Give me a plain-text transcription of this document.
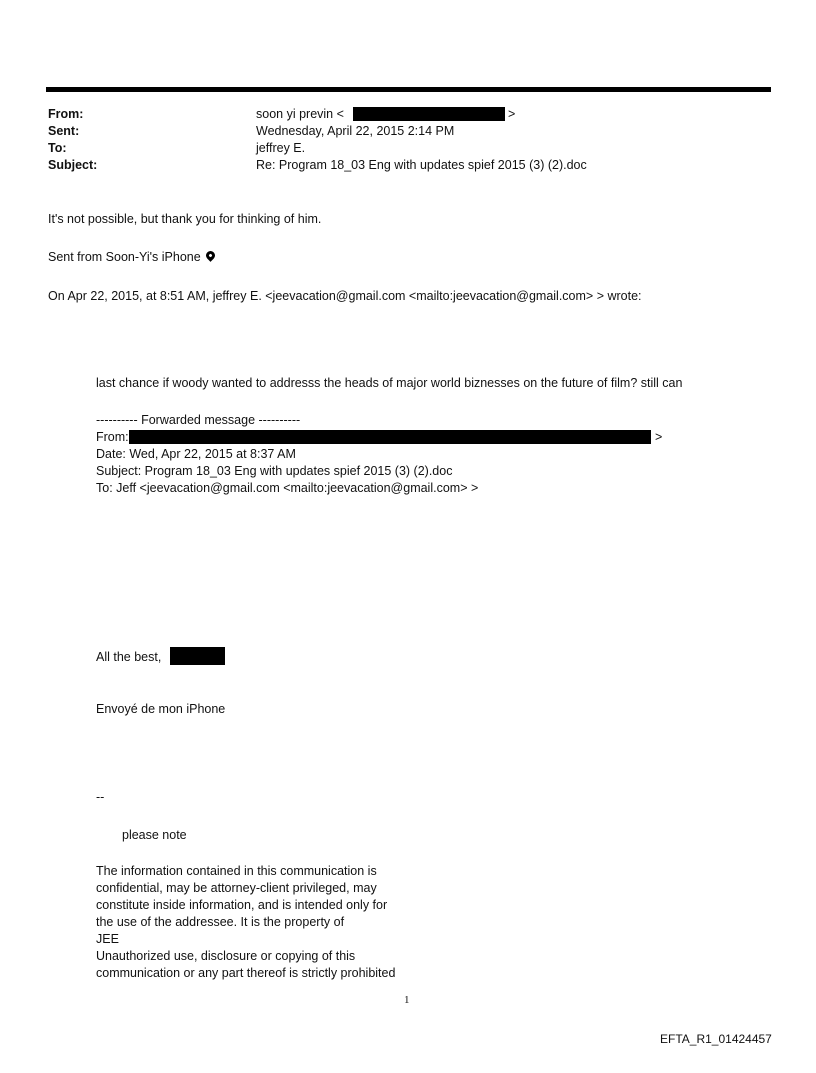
From:	soon yi previn <	>
Sent:	Wednesday, April 22, 2015 2:14 PM
To:	jeffrey E.
Subject:	Re: Program 18_03 Eng with updates spief 2015 (3) (2).doc
It's not possible, but thank you for thinking of him.
Sent from Soon-Yi's iPhone
On Apr 22, 2015, at 8:51 AM, jeffrey E. <jeevacation@gmail.com <mailto:jeevacation@gmail.com> > wrote:
last chance if woody wanted to addresss the heads of major world biznesses on the future of film? still can
---------- Forwarded message ----------
From:	>
Date: Wed, Apr 22, 2015 at 8:37 AM
Subject: Program 18_03 Eng with updates spief 2015 (3) (2).doc
To: Jeff <jeevacation@gmail.com <mailto:jeevacation@gmail.com> >
All the best,
Envoyé de mon iPhone
--
please note
The information contained in this communication is
confidential, may be attorney-client privileged, may
constitute inside information, and is intended only for
the use of the addressee. It is the property of
JEE
Unauthorized use, disclosure or copying of this
communication or any part thereof is strictly prohibited
1
EFTA_R1_01424457
